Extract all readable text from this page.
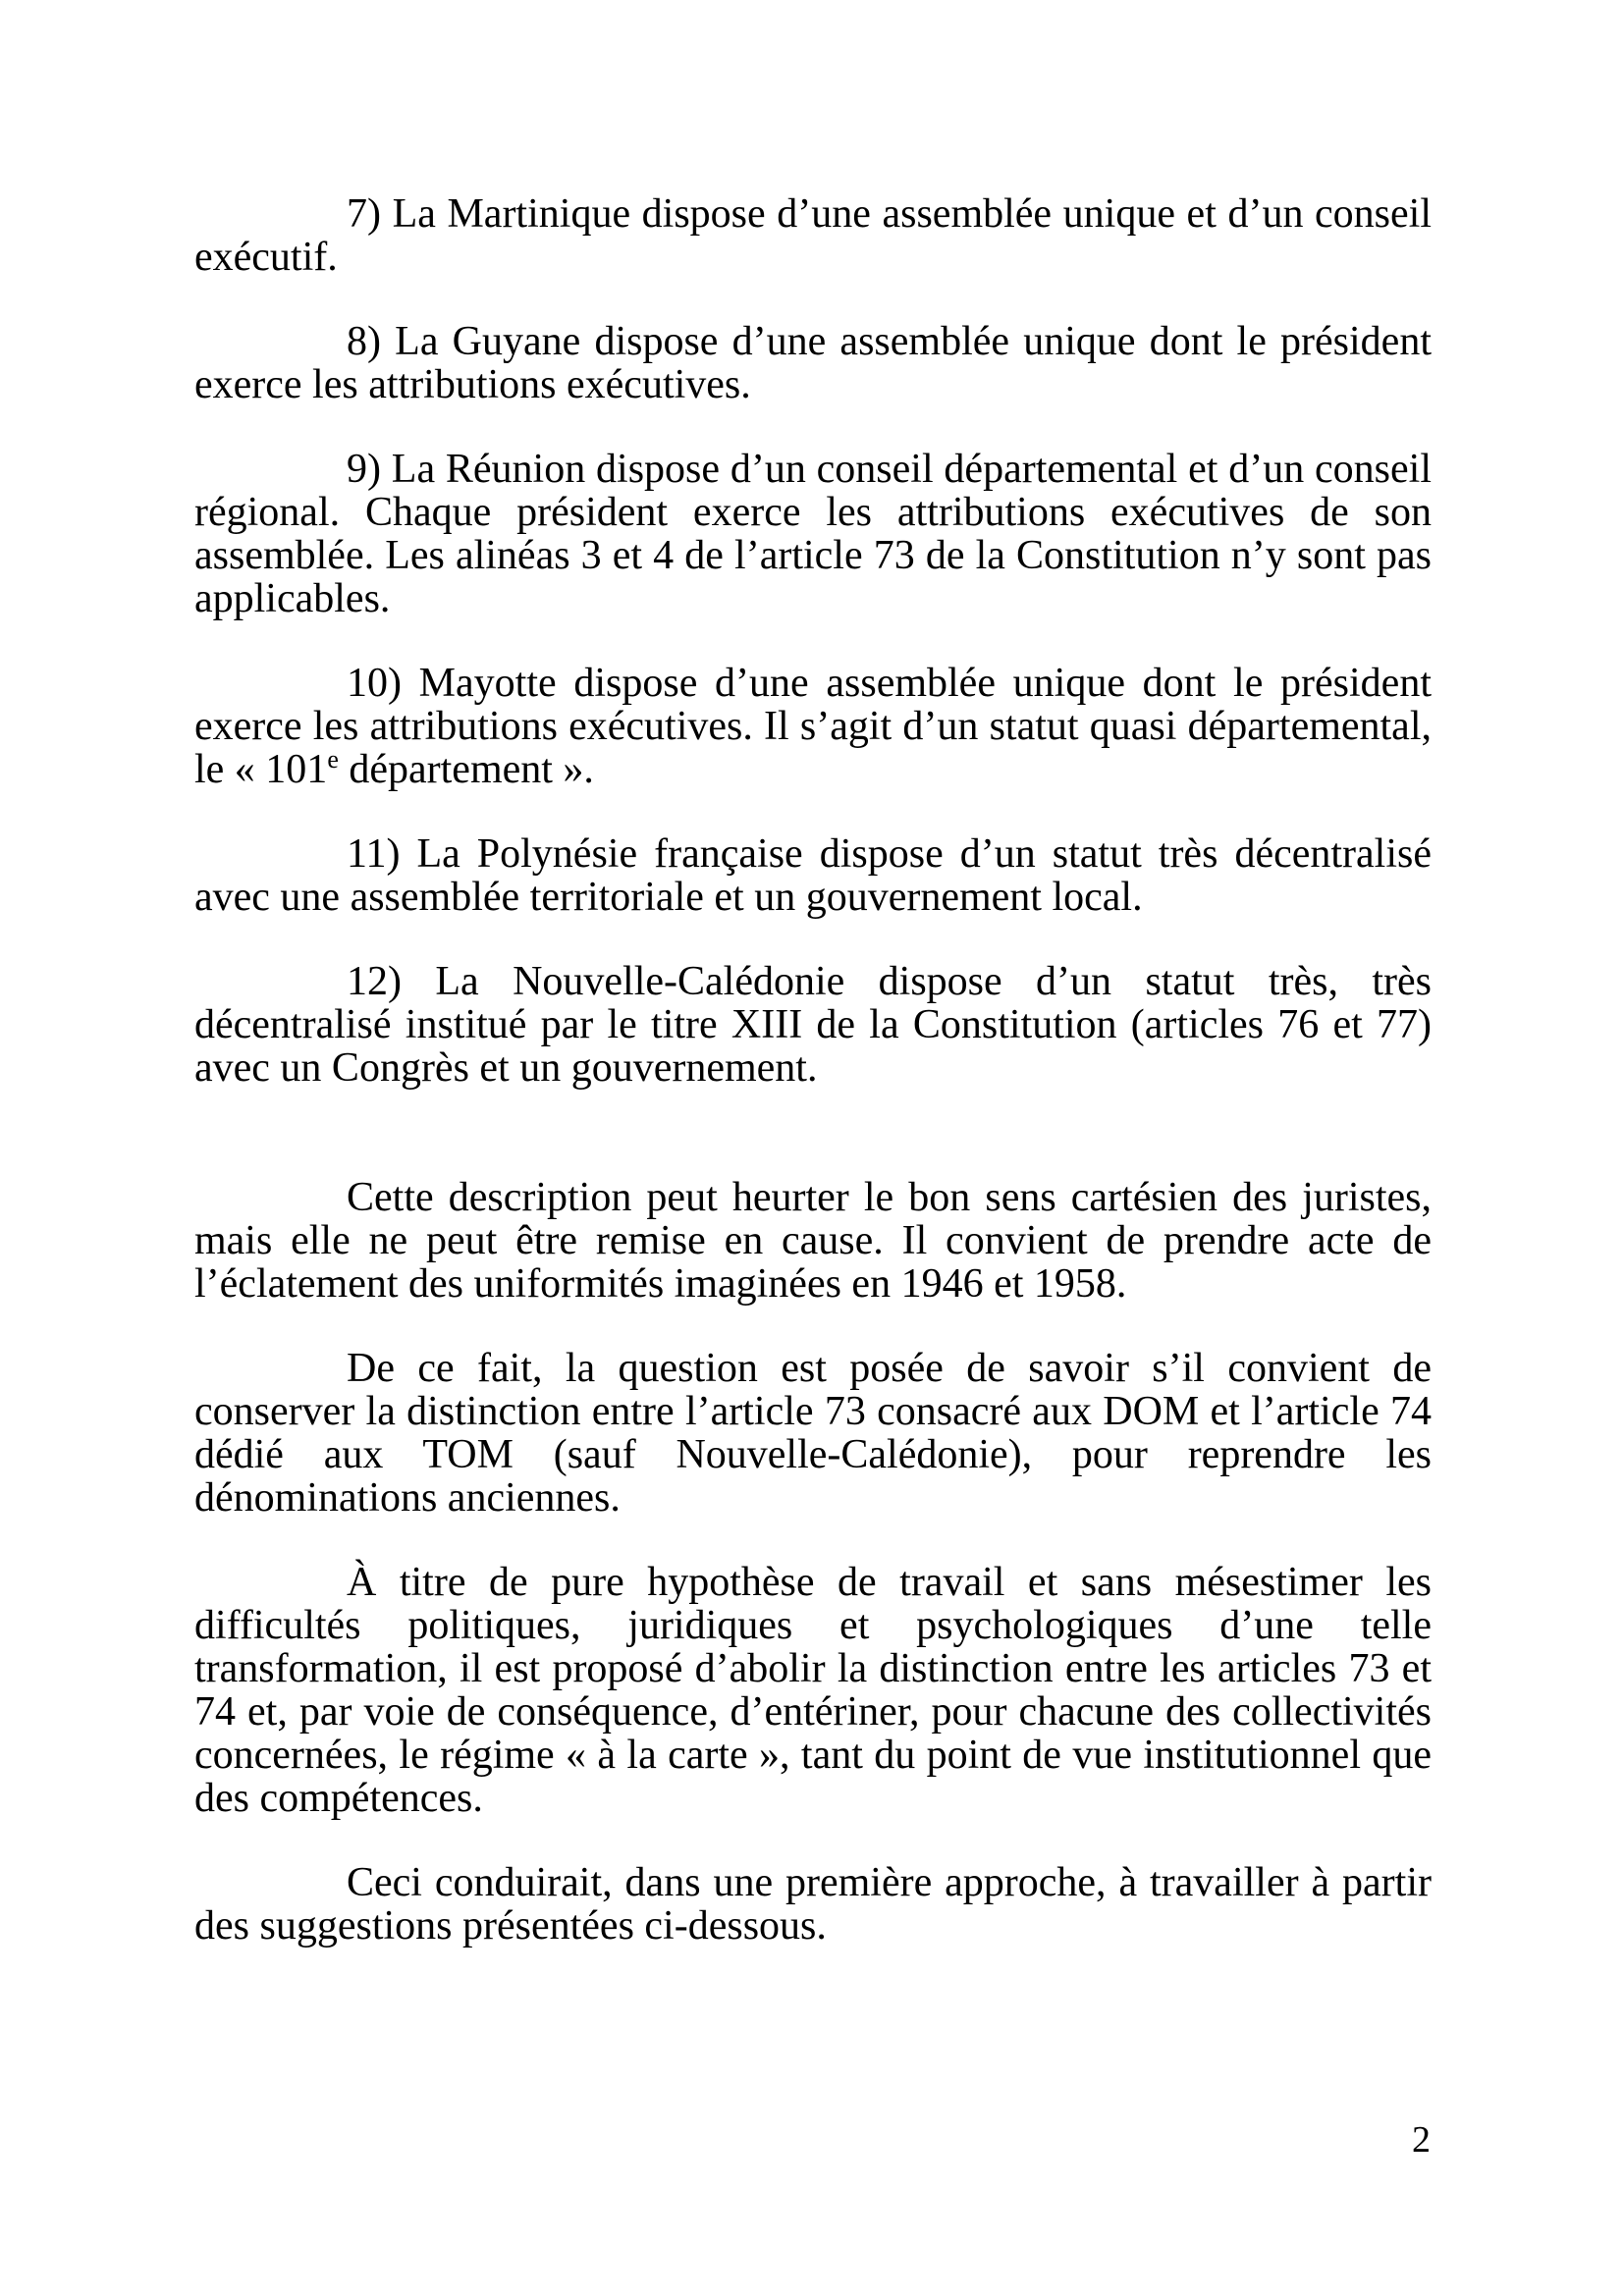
7) La Martinique dispose d’une assemblée unique et d’un conseil exécutif.

8) La Guyane dispose d’une assemblée unique dont le président exerce les attributions exécutives.

9) La Réunion dispose d’un conseil départemental et d’un conseil régional. Chaque président exerce les attributions exécutives de son assemblée. Les alinéas 3 et 4 de l’article 73 de la Constitution n’y sont pas applicables.

10) Mayotte dispose d’une assemblée unique dont le président exerce les attributions exécutives. Il s’agit d’un statut quasi départemental, le « 101e département ».

11) La Polynésie française dispose d’un statut très décentralisé avec une assemblée territoriale et un gouvernement local.

12) La Nouvelle-Calédonie dispose d’un statut très, très décentralisé institué par le titre XIII de la Constitution (articles 76 et 77) avec un Congrès et un gouvernement.

Cette description peut heurter le bon sens cartésien des juristes, mais elle ne peut être remise en cause. Il convient de prendre acte de l’éclatement des uniformités imaginées en 1946 et 1958.

De ce fait, la question est posée de savoir s’il convient de conserver la distinction entre l’article 73 consacré aux DOM et l’article 74 dédié aux TOM (sauf Nouvelle-Calédonie), pour reprendre les dénominations anciennes.

À titre de pure hypothèse de travail et sans mésestimer les difficultés politiques, juridiques et psychologiques d’une telle transformation, il est proposé d’abolir la distinction entre les articles 73 et 74 et, par voie de conséquence, d’entériner, pour chacune des collectivités concernées, le régime « à la carte », tant du point de vue institutionnel que des compétences.

Ceci conduirait, dans une première approche, à travailler à partir des suggestions présentées ci-dessous.

2
